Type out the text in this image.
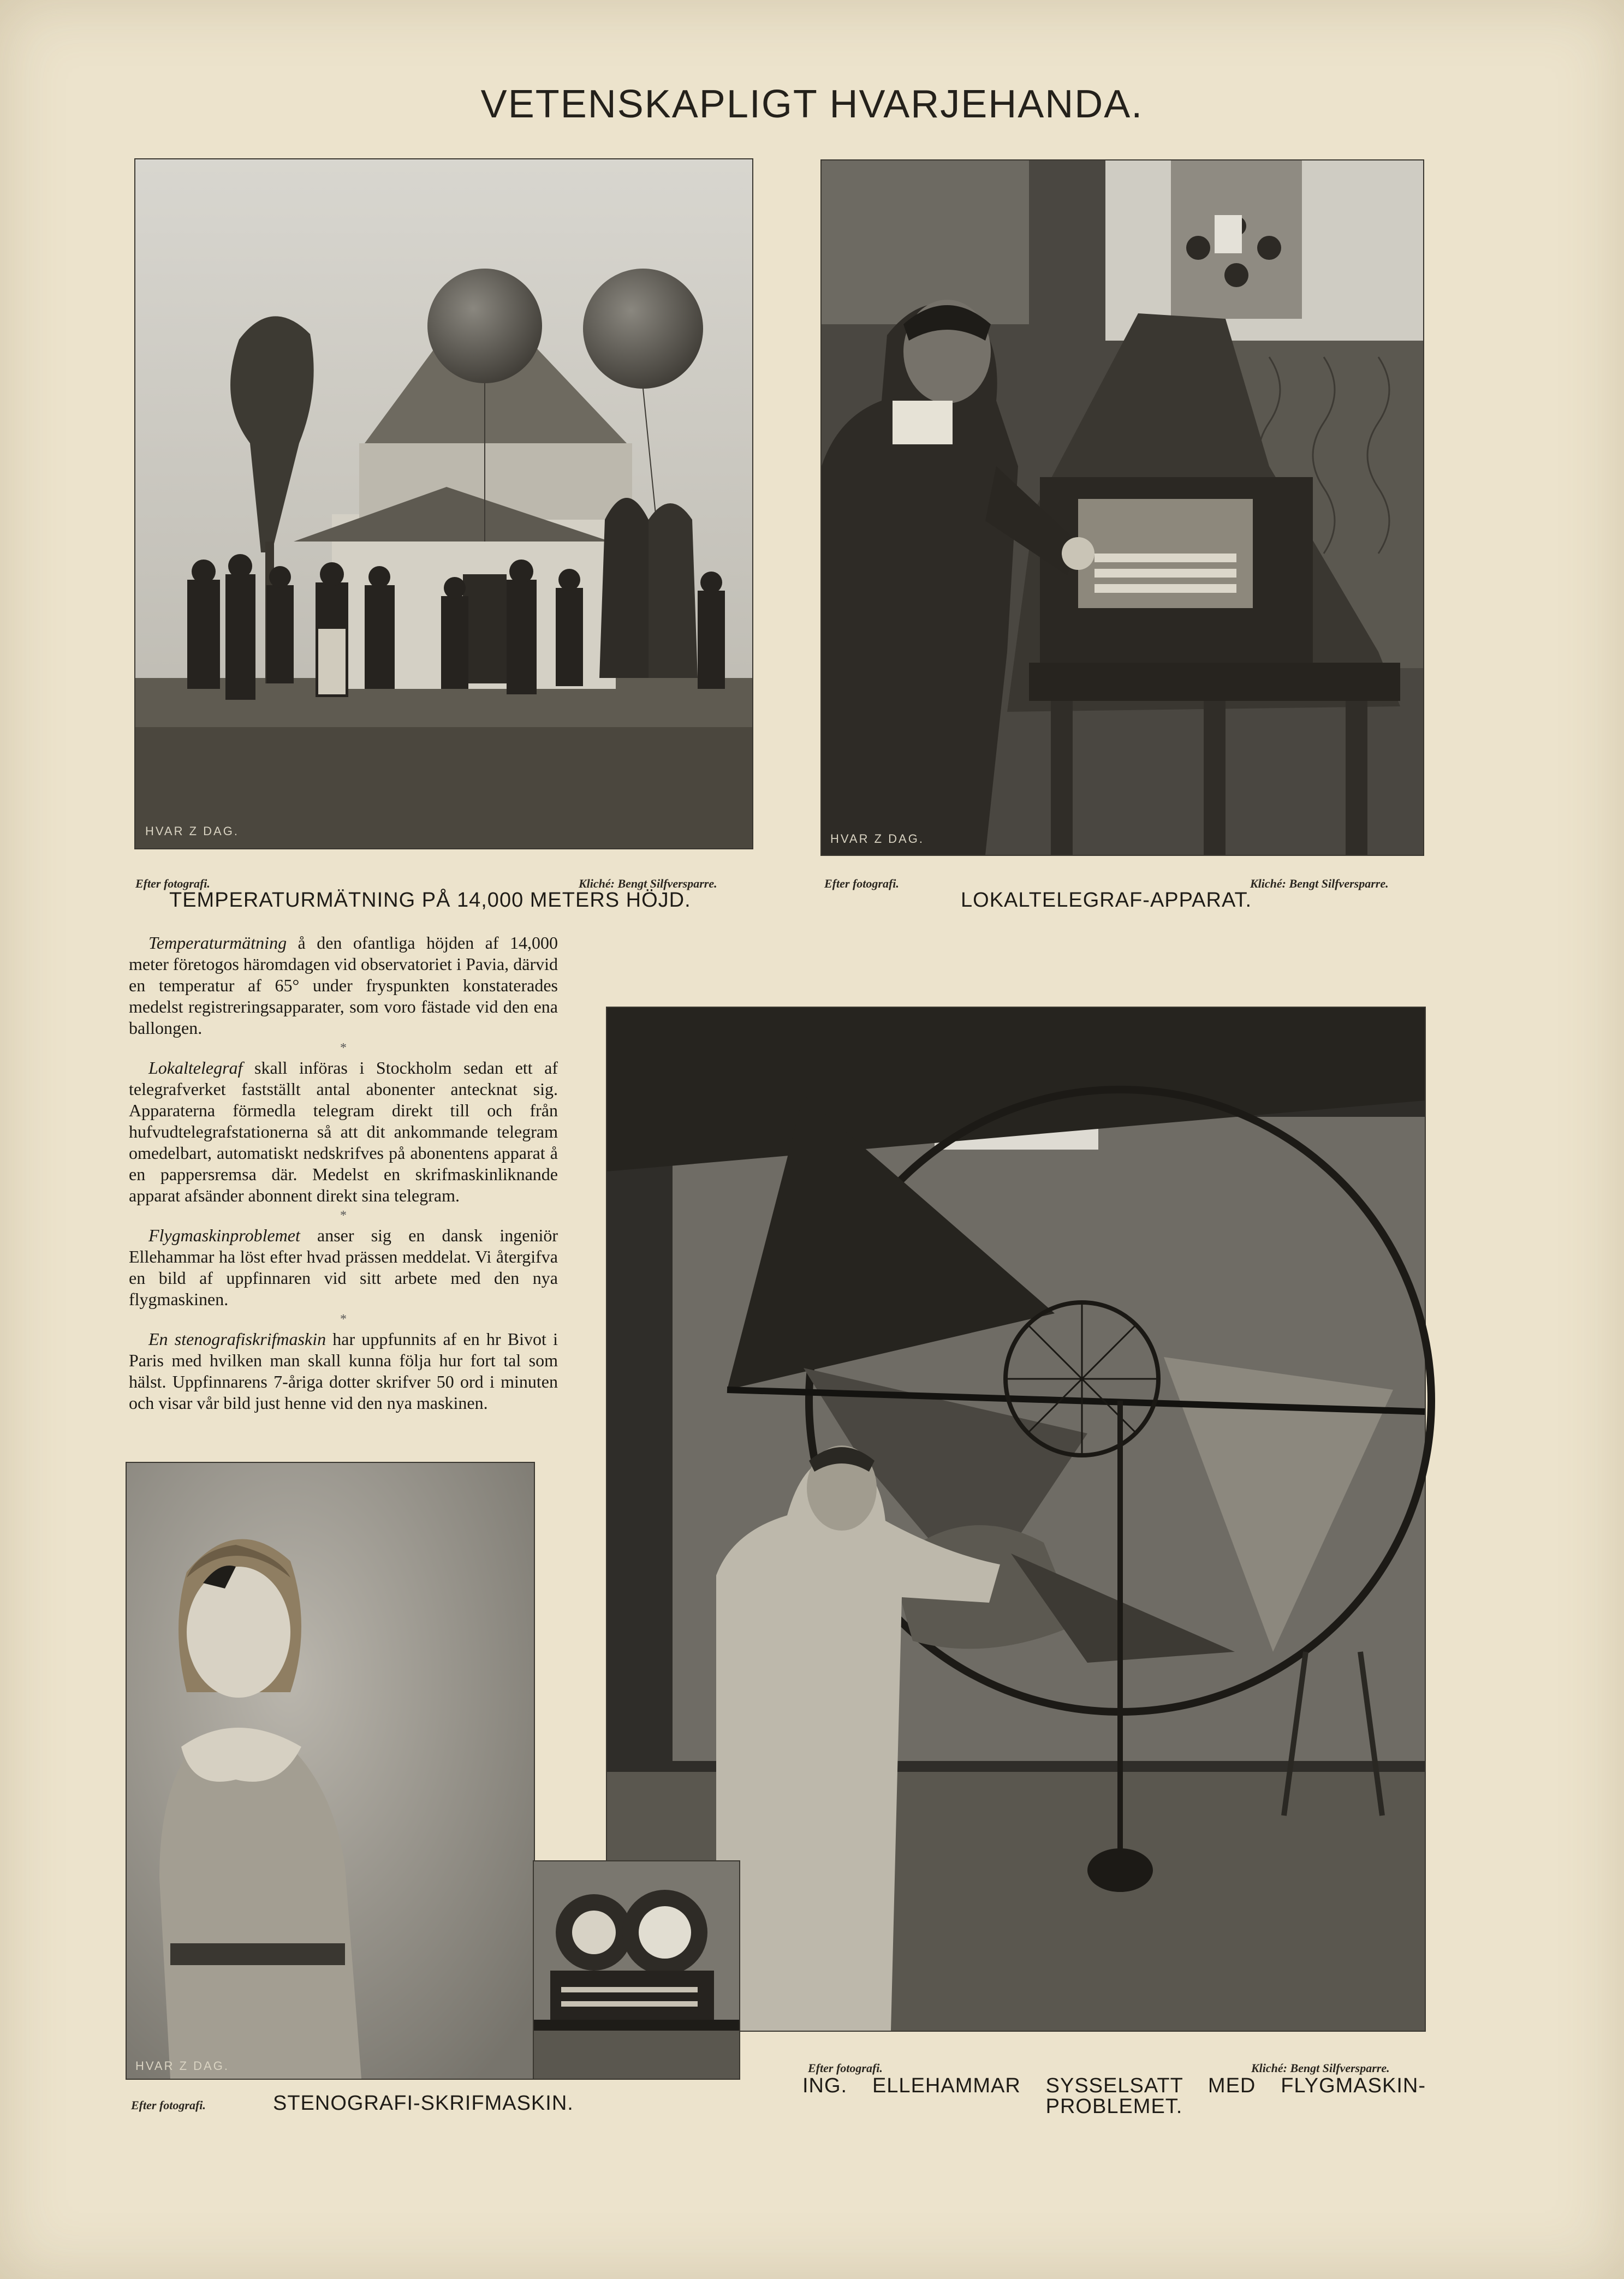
VETENSKAPLIGT HVARJEHANDA.
HVAR Z DAG.
Efter fotografi.	Kliché: Bengt Silfversparre.
TEMPERATURMÄTNING PÅ 14,000 METERS HÖJD.
HVAR Z DAG.
Efter fotografi.	Kliché: Bengt Silfversparre.
LOKALTELEGRAF-APPARAT.

Temperaturmätning å den ofantliga höjden af 14,000 meter företogos häromdagen vid observatoriet i Pavia, därvid en temperatur af 65° under fryspunkten konstaterades medelst registreringsapparater, som voro fästade vid den ena ballongen.

*

Lokaltelegraf skall införas i Stockholm sedan ett af telegrafverket fastställt antal abonenter antecknat sig. Apparaterna förmedla telegram direkt till och från hufvudtelegrafstationerna så att dit ankommande telegram omedelbart, automatiskt nedskrifves på abonentens apparat å en pappersremsa där. Medelst en skrifmaskinliknande apparat afsänder abonnent direkt sina telegram.

*

Flygmaskinproblemet anser sig en dansk ingeniör Ellehammar ha löst efter hvad prässen meddelat. Vi återgifva en bild af uppfinnaren vid sitt arbete med den nya flygmaskinen.

*

En stenografiskrifmaskin har uppfunnits af en hr Bivot i Paris med hvilken man skall kunna följa hur fort tal som hälst. Uppfinnarens 7-åriga dotter skrifver 50 ord i minuten och visar vår bild just henne vid den nya maskinen.

Efter fotografi.	Kliché: Bengt Silfversparre.
ING. ELLEHAMMAR SYSSELSATT MED FLYGMASKIN-
PROBLEMET.
HVAR Z DAG.
Efter fotografi.	STENOGRAFI-SKRIFMASKIN.
